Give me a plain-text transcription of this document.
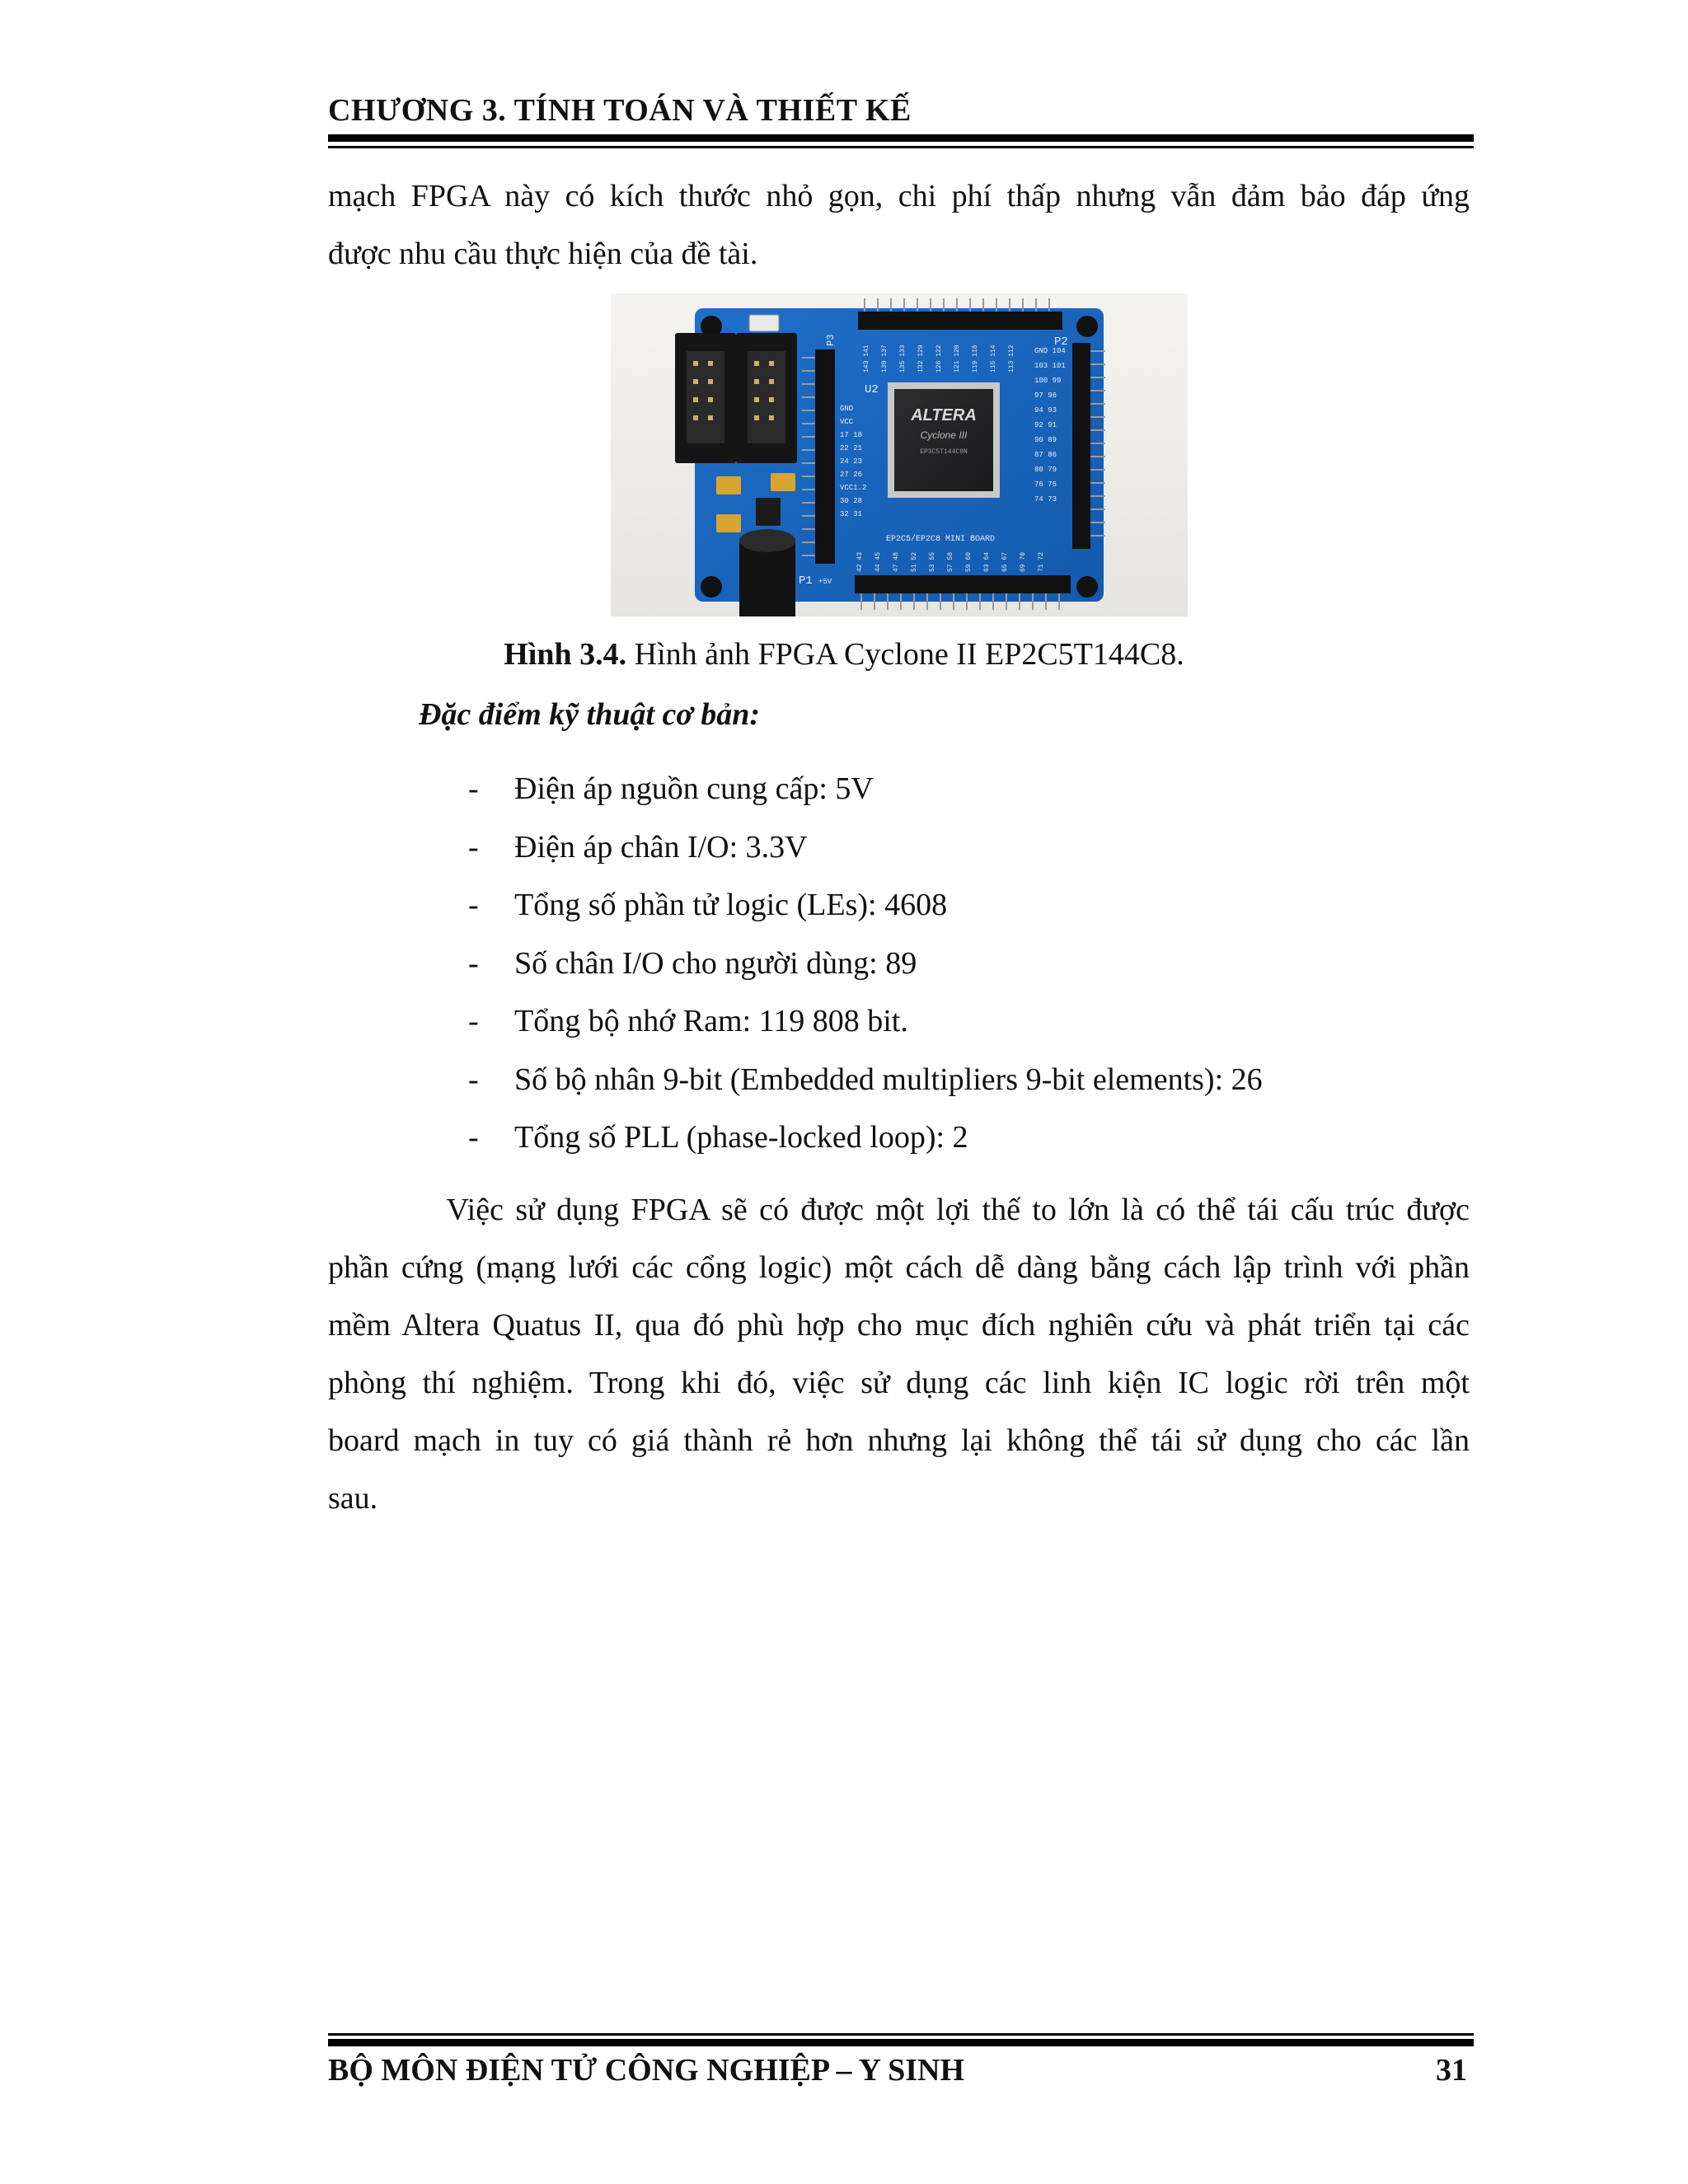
CHƯƠNG 3. TÍNH TOÁN VÀ THIẾT KẾ
mạch FPGA này có kích thước nhỏ gọn, chi phí thấp nhưng vẫn đảm bảo đáp ứng
được nhu cầu thực hiện của đề tài.
ALTERA
Cyclone III
EP3C5T144C8N
U2
P2
P1
P3
EP2C5/EP2C8 MINI BOARD
+5V
GND
VCC
17 18
22 21
24 23
27 26
VCC1.2
30 28
32 31
GND 104
103 101
100 99
97 96
94 93
92 91
90 89
87 86
80 79
76 75
74 73
143 141 139 137 135 133 132 129 126 122 121 120 119 118 115 114 113 112
42 43 44 45 47 48 51 52 53 55 57 58 59 60 63 64 65 67 69 70 71 72
Hình 3.4. Hình ảnh FPGA Cyclone II EP2C5T144C8.
Đặc điểm kỹ thuật cơ bản:
- Điện áp nguồn cung cấp: 5V
- Điện áp chân I/O: 3.3V
- Tổng số phần tử logic (LEs): 4608
- Số chân I/O cho người dùng: 89
- Tổng bộ nhớ Ram: 119 808 bit.
- Số bộ nhân 9-bit (Embedded multipliers 9-bit elements): 26
- Tổng số PLL (phase-locked loop): 2
Việc sử dụng FPGA sẽ có được một lợi thế to lớn là có thể tái cấu trúc được
phần cứng (mạng lưới các cổng logic) một cách dễ dàng bằng cách lập trình với phần
mềm Altera Quatus II, qua đó phù hợp cho mục đích nghiên cứu và phát triển tại các
phòng thí nghiệm. Trong khi đó, việc sử dụng các linh kiện IC logic rời trên một
board mạch in tuy có giá thành rẻ hơn nhưng lại không thể tái sử dụng cho các lần
sau.
BỘ MÔN ĐIỆN TỬ CÔNG NGHIỆP – Y SINH	31
